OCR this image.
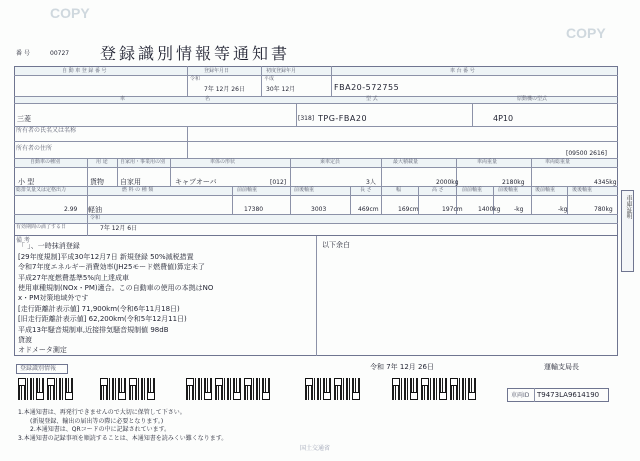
COPY
COPY
番 号	00727 登録識別情報等通知書
自 動 車 登 録 番 号	登録年月日	初度登録年月	車 台 番 号
令和	平成
7年 12月 26日	30年 12月	FBA20-572755
車	型 式	原動機の型式
名
三菱	[318] TPG-FBA20	4P10
所有者の氏名又は名称
所有者の住所
[09500 2616]
自動車の種別	用 途 自家用・事業用の別	車体の形状	乗車定員	最大積載量	車両重量	車両総重量
小 型	貨物 自家用	キャブオーバ	[012]	3人	2000kg	2180kg	4345kg
総排気量又は定格出力	燃 料 の 種 類	前前軸重	前後軸重	長 さ	幅	高 さ	前前軸重	前後軸重	後前軸重	後後軸重
2.99 軽油	17380	3003	469cm	169cm	197cm	1400kg -kg	-kg	780kg
有効期間の満了する日
令和
7年 12月 6日
備 考
以下余白
「 」、一時抹消登録
[29年度規制]平成30年12月7日 新規登録 50%減税措置
令和7年度エネルギー消費効率(JH25モード燃費値)算定未了
平成27年度燃費基準5%向上達成車
使用車種規制(NOx・PM)適合。この自動車の使用の本拠はNO
x・PM対策地域外です
[走行距離計表示値] 71,900km(令和6年11月18日)
[旧走行距離計表示値] 62,200km(令和5年12月11日)
平成13年騒音規制車,近接排気騒音規制値 98dB
貸渡
オドメータ測定
令和 7年 12月 26日	運輸支局長
登録識別情報
車両ID T9473LA9614190
1.本通知書は、再発行できませんので大切に保管して下さい。
(新規登録、輸出の届出等の際に必要となります。)
2.本通知書は、QRコードの中に記録されています。
3.本通知書の記録事項を順読することは、本通知書を読みくい難くなります。
国土交通省
車庫証明
